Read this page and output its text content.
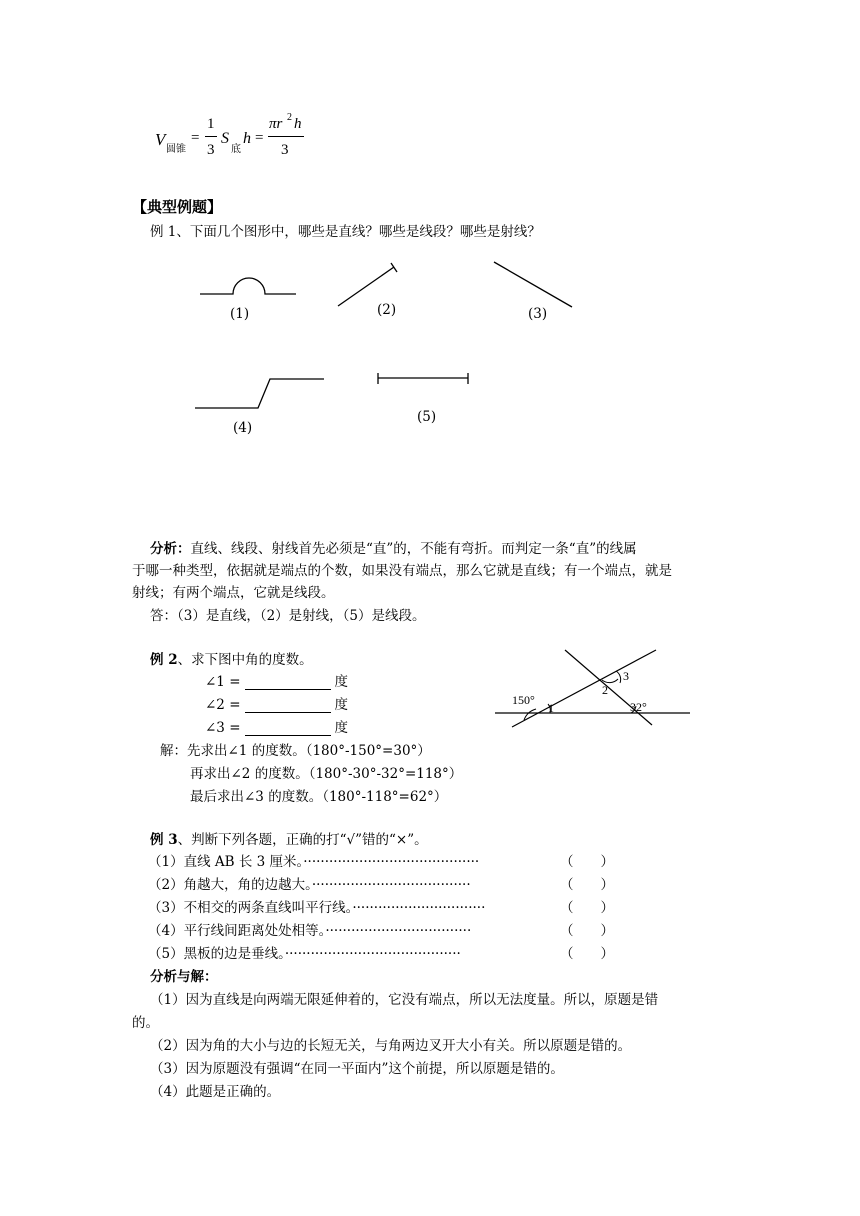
V
圆锥
=
1
3
S
底
h =
πr 2 h
3
【典型例题】
例 1、下面几个图形中，哪些是直线？哪些是线段？哪些是射线？
(1)	(2)	(3)
(4)
(5)
分析：直线、线段、射线首先必须是“直”的，不能有弯折。而判定一条“直”的线属
于哪一种类型，依据就是端点的个数，如果没有端点，那么它就是直线；有一个端点，就是
射线；有两个端点，它就是线段。
答：（3）是直线，（2）是射线，（5）是线段。
例 2、求下图中角的度数。
∠1 =	度
∠2 =	度
∠3 =	度
150°
1
2
3
32°
解：先求出∠1 的度数。（180°-150°=30°）
再求出∠2 的度数。（180°-30°-32°=118°）
最后求出∠3 的度数。（180°-118°=62°）
例 3、判断下列各题，正确的打“√”错的“×”。
（1）直线 AB 长 3 厘米。·········································	（　　）
（2）角越大，角的边越大。·····································	（　　）
（3）不相交的两条直线叫平行线。·······························	（　　）
（4）平行线间距离处处相等。··································	（　　）
（5）黑板的边是垂线。·········································	（　　）
分析与解：
（1）因为直线是向两端无限延伸着的，它没有端点，所以无法度量。所以，原题是错
的。
（2）因为角的大小与边的长短无关，与角两边叉开大小有关。所以原题是错的。
（3）因为原题没有强调“在同一平面内”这个前提，所以原题是错的。
（4）此题是正确的。
